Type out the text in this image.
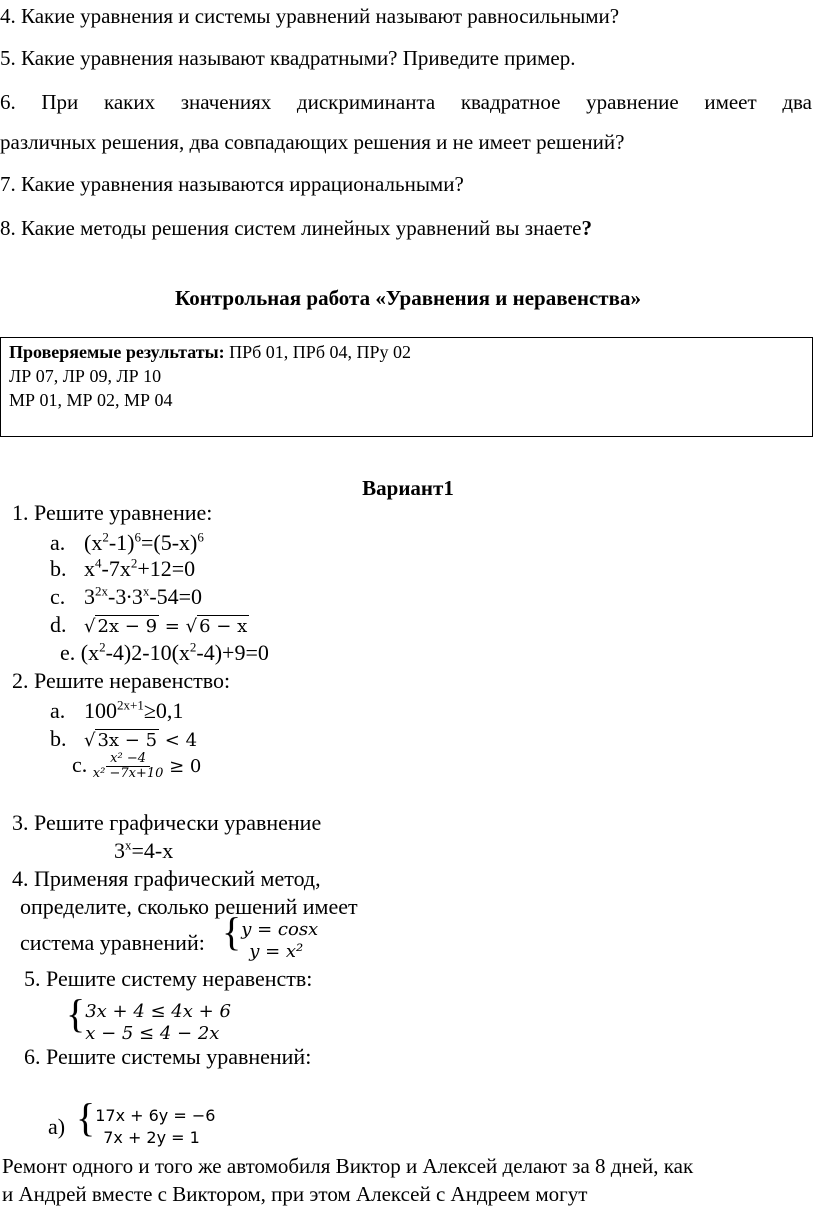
4. Какие уравнения и системы уравнений называют равносильными?
5. Какие уравнения называют квадратными? Приведите пример.
6. При каких значениях дискриминанта квадратное уравнение имеет два
различных решения, два совпадающих решения и не имеет решений?
7. Какие уравнения называются иррациональными?
8. Какие методы решения систем линейных уравнений вы знаете?
Контрольная работа «Уравнения и неравенства»
Проверяемые результаты: ПРб 01, ПРб 04, ПРу 02
ЛР 07, ЛР 09, ЛР 10
МР 01, МР 02, МР 04
Вариант1
1. Решите уравнение:
a. $(x^2-1)^6=(5-x)^6$
b. $x^4-7x^2+12=0$
c. $3^{2x}-3\cdot 3^x-54=0$
d. √ 2x − 9 = √ 6 − x
e. $(x^2-4)2-10(x^2-4)+9=0$
2. Решите неравенство:
a. $100^{2x+1}\ge 0,1$
b. √ 3x − 5 < 4
c. $\frac{\text{x² −4}}{\text{x² −7x+10}} \ge 0$
3. Решите графически уравнение
$3^x=4-x$
4. Применяя графический метод,
определите, сколько решений имеет
система уравнений: { y = cosx
y = x²
5. Решите систему неравенств:
{ 3x + 4 ≤ 4x + 6
x − 5 ≤ 4 − 2x
6. Решите системы уравнений:
а) { 17x + 6y = −6
7x + 2y = 1
Ремонт одного и того же автомобиля Виктор и Алексей делают за 8 дней, как
и Андрей вместе с Виктором, при этом Алексей с Андреем могут
